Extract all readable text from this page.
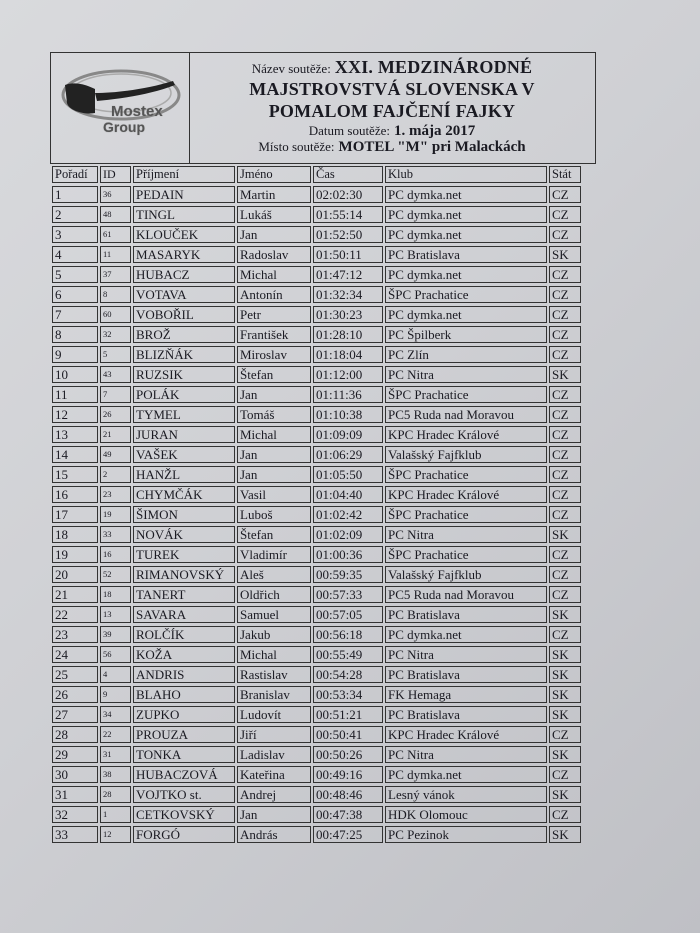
Mostex
Group
Název soutěže: XXI. MEDZINÁRODNÉ
MAJSTROVSTVÁ SLOVENSKA V
POMALOM FAJČENÍ FAJKY
Datum soutěže: 1. mája 2017
Místo soutěže: MOTEL "M" pri Malackách
Pořadí	ID	Příjmení	Jméno	Čas	Klub	Stát
1	36	PEDAIN	Martin	02:02:30	PC dymka.net	CZ
2	48	TINGL	Lukáš	01:55:14	PC dymka.net	CZ
3	61	KLOUČEK	Jan	01:52:50	PC dymka.net	CZ
4	11	MASARYK	Radoslav	01:50:11	PC Bratislava	SK
5	37	HUBACZ	Michal	01:47:12	PC dymka.net	CZ
6	8	VOTAVA	Antonín	01:32:34	ŠPC Prachatice	CZ
7	60	VOBOŘIL	Petr	01:30:23	PC dymka.net	CZ
8	32	BROŽ	František	01:28:10	PC Špilberk	CZ
9	5	BLIZŇÁK	Miroslav	01:18:04	PC Zlín	CZ
10	43	RUZSIK	Štefan	01:12:00	PC Nitra	SK
11	7	POLÁK	Jan	01:11:36	ŠPC Prachatice	CZ
12	26	TYMEL	Tomáš	01:10:38	PC5 Ruda nad Moravou	CZ
13	21	JURAN	Michal	01:09:09	KPC Hradec Králové	CZ
14	49	VAŠEK	Jan	01:06:29	Valašský Fajfklub	CZ
15	2	HANŽL	Jan	01:05:50	ŠPC Prachatice	CZ
16	23	CHYMČÁK	Vasil	01:04:40	KPC Hradec Králové	CZ
17	19	ŠIMON	Luboš	01:02:42	ŠPC Prachatice	CZ
18	33	NOVÁK	Štefan	01:02:09	PC Nitra	SK
19	16	TUREK	Vladimír	01:00:36	ŠPC Prachatice	CZ
20	52	RIMANOVSKÝ	Aleš	00:59:35	Valašský Fajfklub	CZ
21	18	TANERT	Oldřich	00:57:33	PC5 Ruda nad Moravou	CZ
22	13	SAVARA	Samuel	00:57:05	PC Bratislava	SK
23	39	ROLČÍK	Jakub	00:56:18	PC dymka.net	CZ
24	56	KOŽA	Michal	00:55:49	PC Nitra	SK
25	4	ANDRIS	Rastislav	00:54:28	PC Bratislava	SK
26	9	BLAHO	Branislav	00:53:34	FK Hemaga	SK
27	34	ZUPKO	Ludovít	00:51:21	PC Bratislava	SK
28	22	PROUZA	Jiří	00:50:41	KPC Hradec Králové	CZ
29	31	TONKA	Ladislav	00:50:26	PC Nitra	SK
30	38	HUBACZOVÁ	Kateřina	00:49:16	PC dymka.net	CZ
31	28	VOJTKO st.	Andrej	00:48:46	Lesný vánok	SK
32	1	CETKOVSKÝ	Jan	00:47:38	HDK Olomouc	CZ
33	12	FORGÓ	András	00:47:25	PC Pezinok	SK
